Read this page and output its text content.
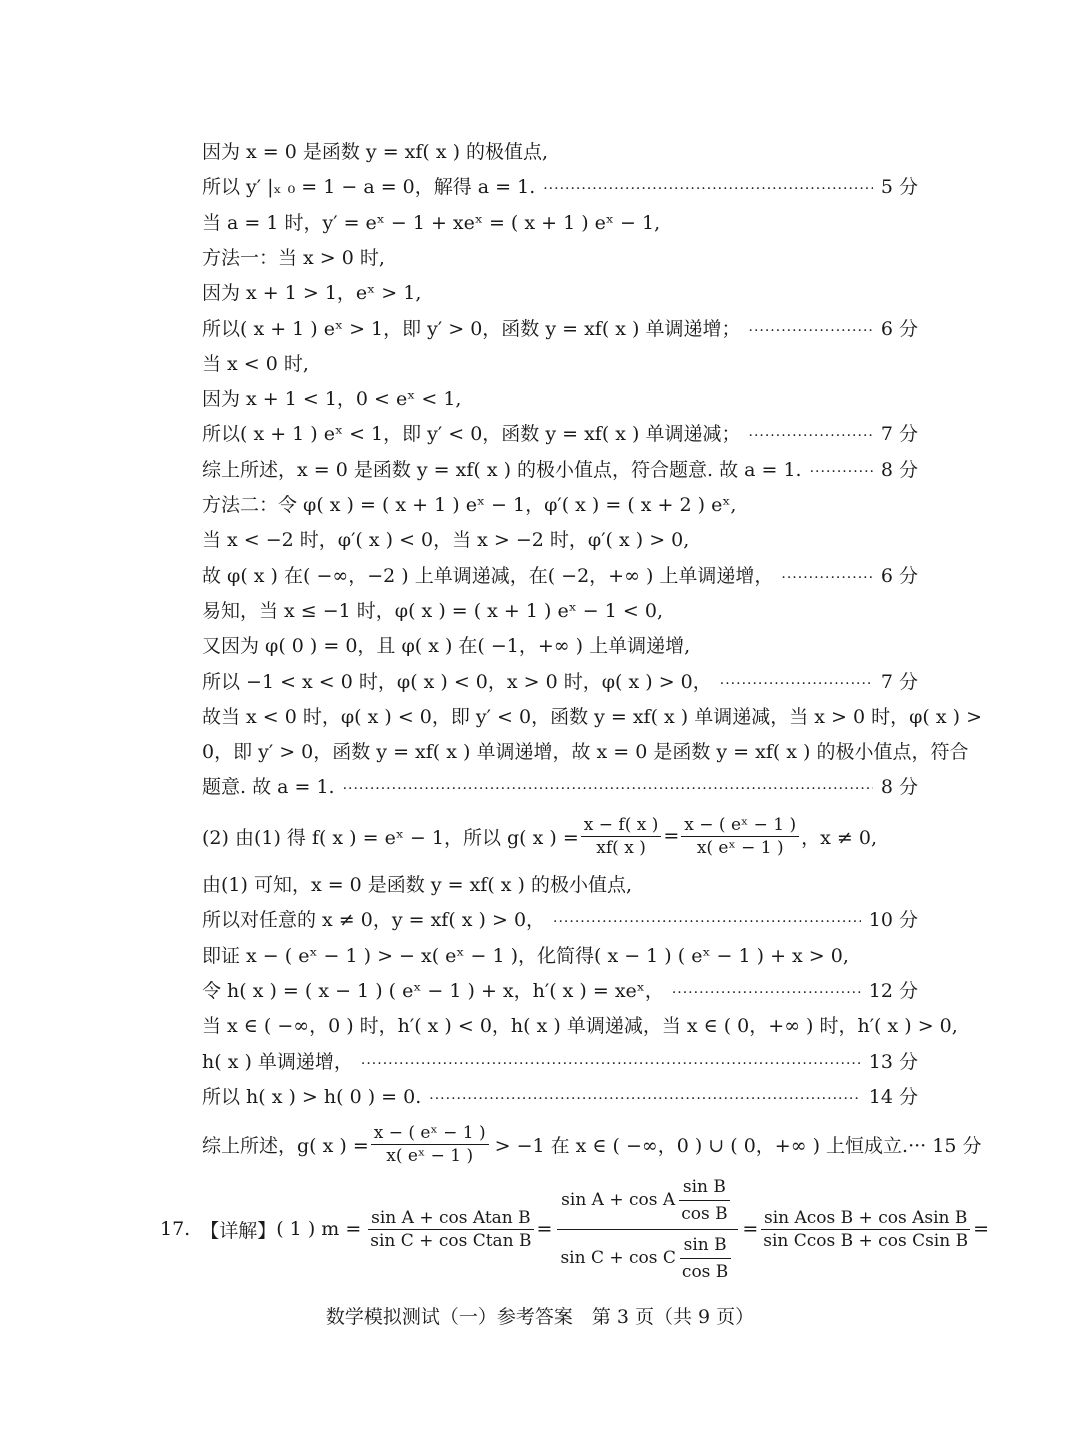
因为 x = 0 是函数 y = xf( x ) 的极值点,
所以 y′ |ₓ ₀ = 1 − a = 0，解得 a = 1. ·····	5 分
当 a = 1 时，y′ = eˣ − 1 + xeˣ = ( x + 1 ) eˣ − 1,
方法一：当 x > 0 时,
因为 x + 1 > 1，eˣ > 1,
所以( x + 1 ) eˣ > 1，即 y′ > 0，函数 y = xf( x ) 单调递增； ·····	6 分
当 x < 0 时,
因为 x + 1 < 1，0 < eˣ < 1,
所以( x + 1 ) eˣ < 1，即 y′ < 0，函数 y = xf( x ) 单调递减； ·····	7 分
综上所述，x = 0 是函数 y = xf( x ) 的极小值点，符合题意. 故 a = 1. ·····	8 分
方法二：令 φ( x ) = ( x + 1 ) eˣ − 1，φ′( x ) = ( x + 2 ) eˣ,
当 x < −2 时，φ′( x ) < 0，当 x > −2 时，φ′( x ) > 0,
故 φ( x ) 在( −∞，−2 ) 上单调递减，在( −2，+∞ ) 上单调递增， ·····	6 分
易知，当 x ≤ −1 时，φ( x ) = ( x + 1 ) eˣ − 1 < 0,
又因为 φ( 0 ) = 0，且 φ( x ) 在( −1，+∞ ) 上单调递增,
所以 −1 < x < 0 时，φ( x ) < 0，x > 0 时，φ( x ) > 0， ·····	7 分
故当 x < 0 时，φ( x ) < 0，即 y′ < 0，函数 y = xf( x ) 单调递减，当 x > 0 时，φ( x ) >
0，即 y′ > 0，函数 y = xf( x ) 单调递增，故 x = 0 是函数 y = xf( x ) 的极小值点，符合
题意. 故 a = 1. ·····	8 分
(2) 由(1) 得 f( x ) = eˣ − 1，所以 g( x ) = $\frac{x - f( x )}{xf( x )} = \frac{\text{x − ( eˣ − 1 )}}{\text{x( eˣ − 1 )}}$ ，x ≠ 0,
由(1) 可知，x = 0 是函数 y = xf( x ) 的极小值点,
所以对任意的 x ≠ 0，y = xf( x ) > 0， ·····	10 分
即证 x − ( eˣ − 1 ) > − x( eˣ − 1 )，化简得( x − 1 ) ( eˣ − 1 ) + x > 0,
令 h( x ) = ( x − 1 ) ( eˣ − 1 ) + x，h′( x ) = xeˣ， ·····	12 分
当 x ∈ ( −∞，0 ) 时，h′( x ) < 0，h( x ) 单调递减，当 x ∈ ( 0，+∞ ) 时，h′( x ) > 0,
h( x ) 单调递增， ·····	13 分
所以 h( x ) > h( 0 ) = 0. ·····	14 分
综上所述，g( x ) = $\frac{\text{x − ( eˣ − 1 )}}{\text{x( eˣ − 1 )}} > -1$ 在 x ∈ ( −∞，0 ) ∪ ( 0，+∞ ) 上恒成立. ··· 15 分
17. 【详解】 ( 1 ) $m = \frac{\text{sin A + cos Atan B}}{\text{sin C + cos Ctan B}} = \frac{\sin A + \cos A \frac{\text{sin B}}{\text{cos B}}}{\sin C + \cos C \frac{\text{sin B}}{\text{cos B}}} = \frac{\text{sin Acos B + cos Asin B}}{\text{sin Ccos B + cos Csin B}}$ =
数学模拟测试（一）参考答案　第 3 页（共 9 页）
